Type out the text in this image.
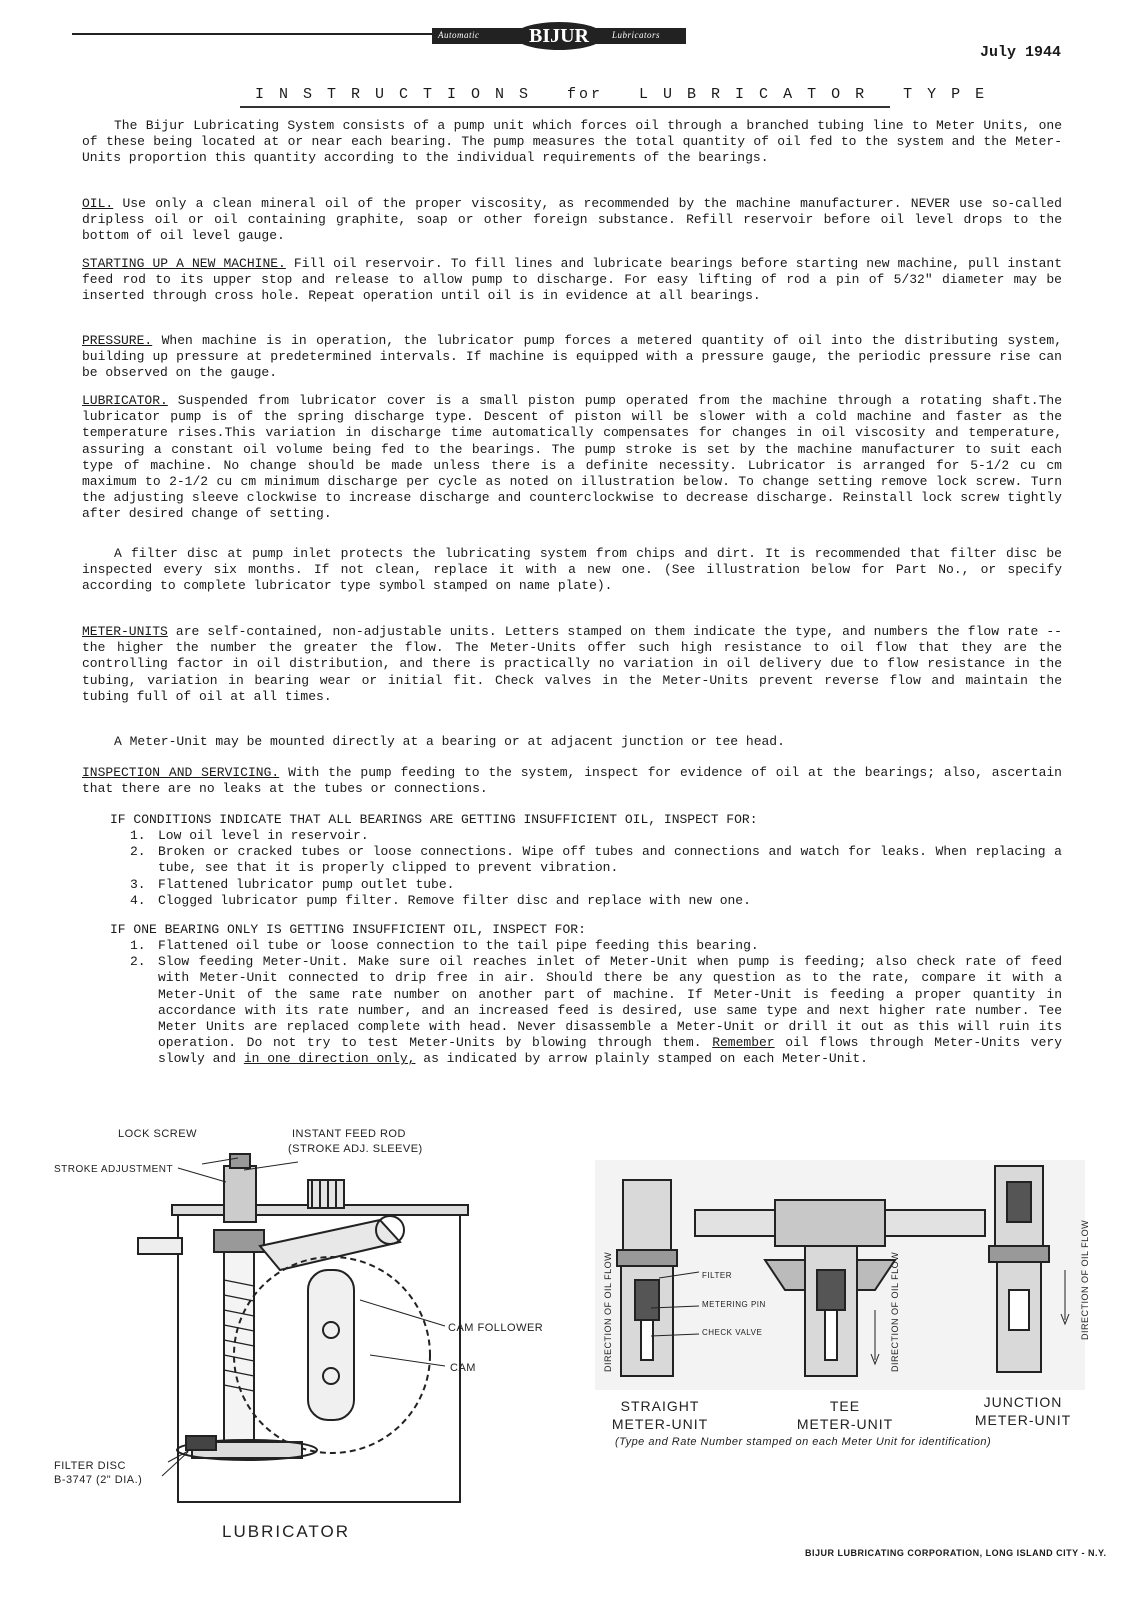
Automatic	BIJUR	Lubricators
July 1944
I N S T R U C T I O N S   for   L U B R I C A T O R   T Y P E

The Bijur Lubricating System consists of a pump unit which forces oil through a branched tubing line to Meter Units, one of these being located at or near each bearing. The pump measures the total quantity of oil fed to the system and the Meter-Units proportion this quantity according to the individual requirements of the bearings.

OIL. Use only a clean mineral oil of the proper viscosity, as recommended by the machine manufacturer. NEVER use so-called dripless oil or oil containing graphite, soap or other foreign substance. Refill reservoir before oil level drops to the bottom of oil level gauge.

STARTING UP A NEW MACHINE. Fill oil reservoir. To fill lines and lubricate bearings before starting new machine, pull instant feed rod to its upper stop and release to allow pump to discharge. For easy lifting of rod a pin of 5/32" diameter may be inserted through cross hole. Repeat operation until oil is in evidence at all bearings.

PRESSURE. When machine is in operation, the lubricator pump forces a metered quantity of oil into the distributing system, building up pressure at predetermined intervals. If machine is equipped with a pressure gauge, the periodic pressure rise can be observed on the gauge.

LUBRICATOR. Suspended from lubricator cover is a small piston pump operated from the machine through a rotating shaft.The lubricator pump is of the spring discharge type. Descent of piston will be slower with a cold machine and faster as the temperature rises.This variation in discharge time automatically compensates for changes in oil viscosity and temperature, assuring a constant oil volume being fed to the bearings. The pump stroke is set by the machine manufacturer to suit each type of machine. No change should be made unless there is a definite necessity. Lubricator is arranged for 5-1/2 cu cm maximum to 2-1/2 cu cm minimum discharge per cycle as noted on illustration below. To change setting remove lock screw. Turn the adjusting sleeve clockwise to increase discharge and counterclockwise to decrease discharge. Reinstall lock screw tightly after desired change of setting.

A filter disc at pump inlet protects the lubricating system from chips and dirt. It is recommended that filter disc be inspected every six months. If not clean, replace it with a new one. (See illustration below for Part No., or specify according to complete lubricator type symbol stamped on name plate).

METER-UNITS are self-contained, non-adjustable units. Letters stamped on them indicate the type, and numbers the flow rate -- the higher the number the greater the flow. The Meter-Units offer such high resistance to oil flow that they are the controlling factor in oil distribution, and there is practically no variation in oil delivery due to flow resistance in the tubing, variation in bearing wear or initial fit. Check valves in the Meter-Units prevent reverse flow and maintain the tubing full of oil at all times.

A Meter-Unit may be mounted directly at a bearing or at adjacent junction or tee head.

INSPECTION AND SERVICING. With the pump feeding to the system, inspect for evidence of oil at the bearings; also, ascertain that there are no leaks at the tubes or connections.

IF CONDITIONS INDICATE THAT ALL BEARINGS ARE GETTING INSUFFICIENT OIL, INSPECT FOR:

1. Low oil level in reservoir.
2. Broken or cracked tubes or loose connections. Wipe off tubes and connections and watch for leaks. When replacing a tube, see that it is properly clipped to prevent vibration.
3. Flattened lubricator pump outlet tube.
4. Clogged lubricator pump filter. Remove filter disc and replace with new one.

IF ONE BEARING ONLY IS GETTING INSUFFICIENT OIL, INSPECT FOR:

1. Flattened oil tube or loose connection to the tail pipe feeding this bearing.
2. Slow feeding Meter-Unit. Make sure oil reaches inlet of Meter-Unit when pump is feeding; also check rate of feed with Meter-Unit connected to drip free in air. Should there be any question as to the rate, compare it with a Meter-Unit of the same rate number on another part of machine. If Meter-Unit is feeding a proper quantity in accordance with its rate number, and an increased feed is desired, use same type and next higher rate number. Tee Meter Units are replaced complete with head. Never disassemble a Meter-Unit or drill it out as this will ruin its operation. Do not try to test Meter-Units by blowing through them. Remember oil flows through Meter-Units very slowly and in one direction only, as indicated by arrow plainly stamped on each Meter-Unit.
LOCK SCREW	INSTANT FEED ROD
(STROKE ADJ. SLEEVE)
STROKE ADJUSTMENT
CAM FOLLOWER
CAM
FILTER DISC
B-3747 (2" DIA.)
LUBRICATOR
FILTER
METERING PIN
CHECK VALVE
DIRECTION OF OIL FLOW	DIRECTION OF OIL FLOW	DIRECTION OF OIL FLOW
STRAIGHT
METER-UNIT
TEE
METER-UNIT
JUNCTION
METER-UNIT
(Type and Rate Number stamped on each Meter Unit for identification)
BIJUR LUBRICATING CORPORATION, LONG ISLAND CITY - N.Y.
